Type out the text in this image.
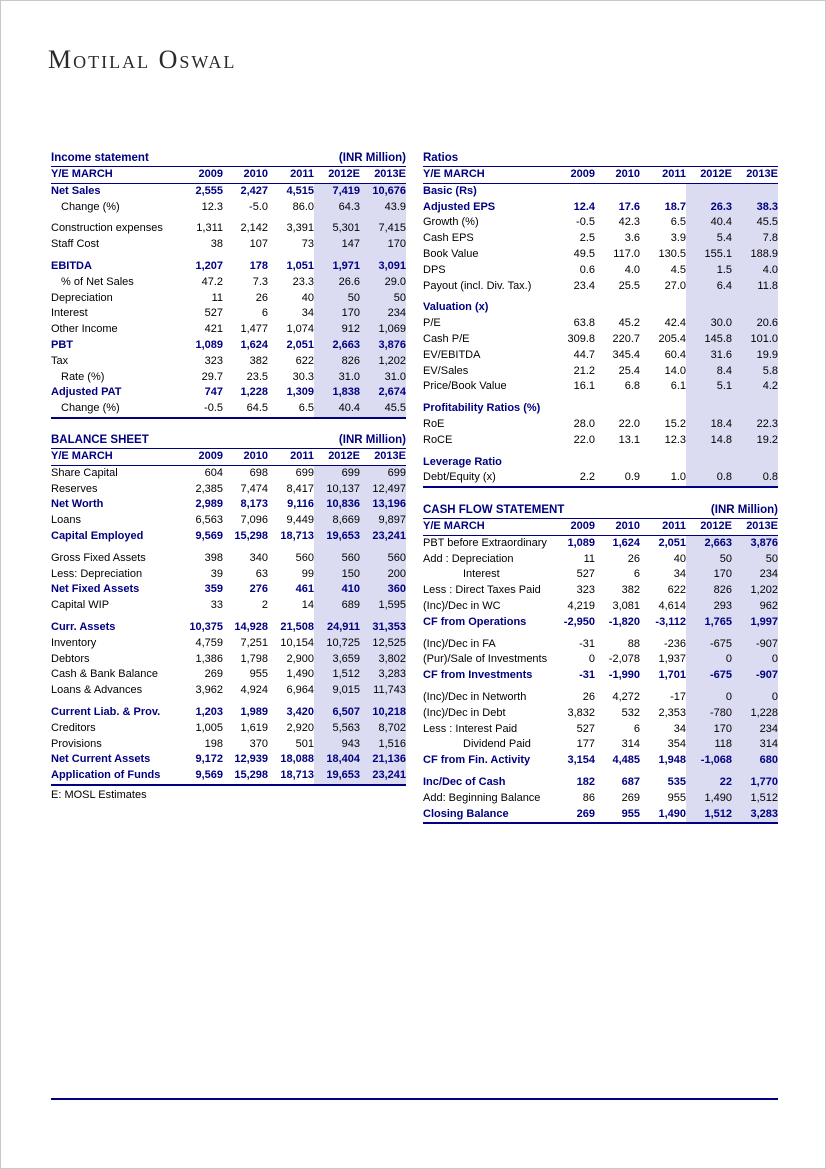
Motilal Oswal
Income statement	(INR Million)
Y/E MARCH	2009	2010	2011	2012E	2013E
Net Sales	2,555	2,427	4,515	7,419	10,676
Change (%)	12.3	-5.0	86.0	64.3	43.9

Construction expenses	1,311	2,142	3,391	5,301	7,415
Staff Cost	38	107	73	147	170

EBITDA	1,207	178	1,051	1,971	3,091
% of Net Sales	47.2	7.3	23.3	26.6	29.0
Depreciation	11	26	40	50	50
Interest	527	6	34	170	234
Other Income	421	1,477	1,074	912	1,069
PBT	1,089	1,624	2,051	2,663	3,876
Tax	323	382	622	826	1,202
Rate (%)	29.7	23.5	30.3	31.0	31.0
Adjusted PAT	747	1,228	1,309	1,838	2,674
Change (%)	-0.5	64.5	6.5	40.4	45.5
BALANCE SHEET	(INR Million)
Y/E MARCH	2009	2010	2011	2012E	2013E
Share Capital	604	698	699	699	699
Reserves	2,385	7,474	8,417	10,137	12,497
Net Worth	2,989	8,173	9,116	10,836	13,196
Loans	6,563	7,096	9,449	8,669	9,897
Capital Employed	9,569	15,298	18,713	19,653	23,241

Gross Fixed Assets	398	340	560	560	560
Less: Depreciation	39	63	99	150	200
Net Fixed Assets	359	276	461	410	360
Capital WIP	33	2	14	689	1,595

Curr. Assets	10,375	14,928	21,508	24,911	31,353
Inventory	4,759	7,251	10,154	10,725	12,525
Debtors	1,386	1,798	2,900	3,659	3,802
Cash & Bank Balance	269	955	1,490	1,512	3,283
Loans & Advances	3,962	4,924	6,964	9,015	11,743

Current Liab. & Prov.	1,203	1,989	3,420	6,507	10,218
Creditors	1,005	1,619	2,920	5,563	8,702
Provisions	198	370	501	943	1,516
Net Current Assets	9,172	12,939	18,088	18,404	21,136
Application of Funds	9,569	15,298	18,713	19,653	23,241
E: MOSL Estimates
Ratios
Y/E MARCH	2009	2010	2011	2012E	2013E
Basic (Rs)					
Adjusted EPS	12.4	17.6	18.7	26.3	38.3
Growth (%)	-0.5	42.3	6.5	40.4	45.5
Cash EPS	2.5	3.6	3.9	5.4	7.8
Book Value	49.5	117.0	130.5	155.1	188.9
DPS	0.6	4.0	4.5	1.5	4.0
Payout (incl. Div. Tax.)	23.4	25.5	27.0	6.4	11.8

Valuation (x)					
P/E	63.8	45.2	42.4	30.0	20.6
Cash P/E	309.8	220.7	205.4	145.8	101.0
EV/EBITDA	44.7	345.4	60.4	31.6	19.9
EV/Sales	21.2	25.4	14.0	8.4	5.8
Price/Book Value	16.1	6.8	6.1	5.1	4.2

Profitability Ratios (%)					
RoE	28.0	22.0	15.2	18.4	22.3
RoCE	22.0	13.1	12.3	14.8	19.2

Leverage Ratio					
Debt/Equity (x)	2.2	0.9	1.0	0.8	0.8
CASH FLOW STATEMENT	(INR Million)
Y/E MARCH	2009	2010	2011	2012E	2013E
PBT before Extraordinary	1,089	1,624	2,051	2,663	3,876
Add : Depreciation	11	26	40	50	50
Interest	527	6	34	170	234
Less : Direct Taxes Paid	323	382	622	826	1,202
(Inc)/Dec in WC	4,219	3,081	4,614	293	962
CF from Operations	-2,950	-1,820	-3,112	1,765	1,997

(Inc)/Dec in FA	-31	88	-236	-675	-907
(Pur)/Sale of Investments	0	-2,078	1,937	0	0
CF from Investments	-31	-1,990	1,701	-675	-907

(Inc)/Dec in Networth	26	4,272	-17	0	0
(Inc)/Dec in Debt	3,832	532	2,353	-780	1,228
Less : Interest Paid	527	6	34	170	234
Dividend Paid	177	314	354	118	314
CF from Fin. Activity	3,154	4,485	1,948	-1,068	680

Inc/Dec of Cash	182	687	535	22	1,770
Add: Beginning Balance	86	269	955	1,490	1,512
Closing Balance	269	955	1,490	1,512	3,283
